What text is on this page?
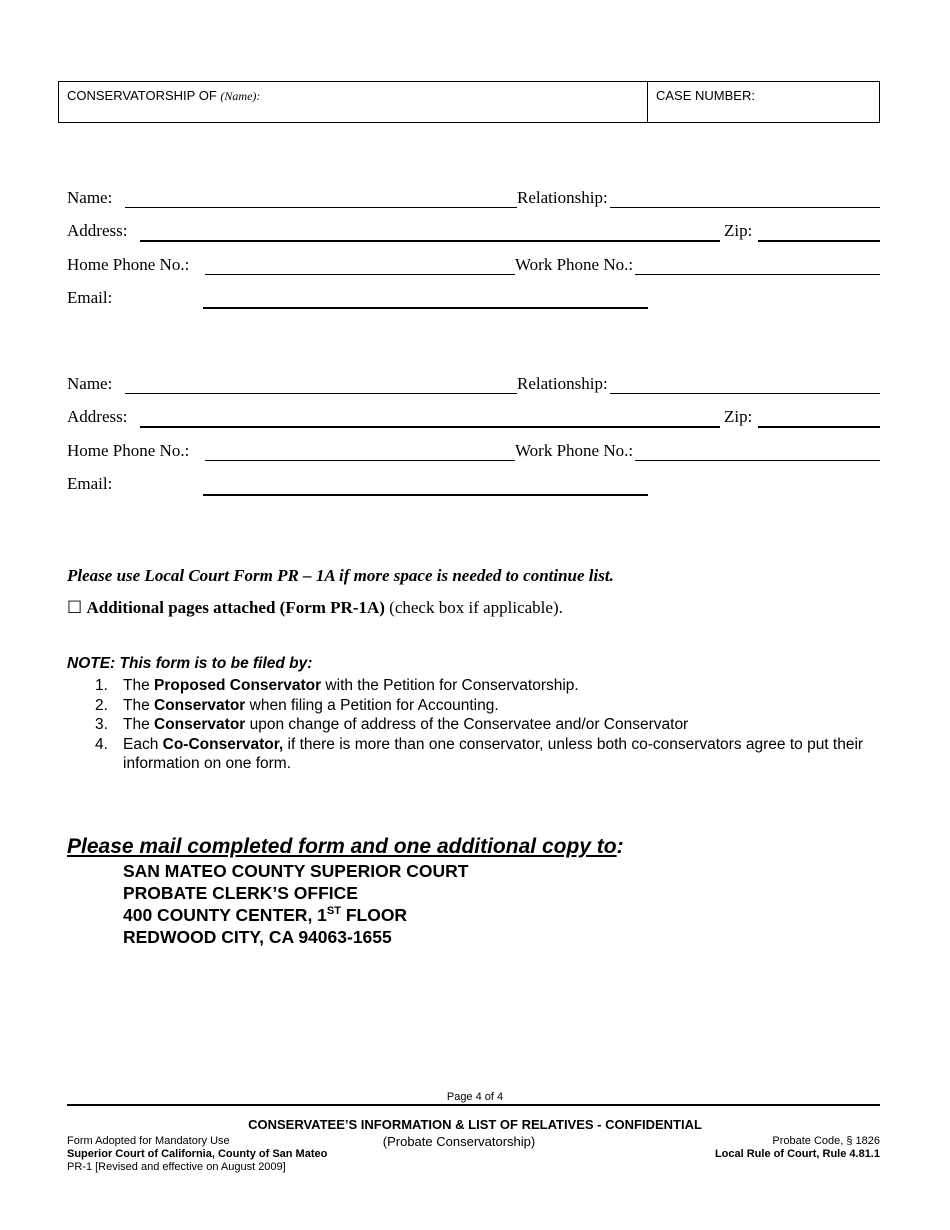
CONSERVATORSHIP OF (Name):	CASE NUMBER:
Name:	Relationship:
Address:	Zip:
Home Phone No.:	Work Phone No.:
Email:
Name:	Relationship:
Address:	Zip:
Home Phone No.:	Work Phone No.:
Email:
Please use Local Court Form PR – 1A if more space is needed to continue list.
☐ Additional pages attached (Form PR-1A) (check box if applicable).
NOTE: This form is to be filed by:
1. The Proposed Conservator with the Petition for Conservatorship.
2. The Conservator when filing a Petition for Accounting.
3. The Conservator upon change of address of the Conservatee and/or Conservator
4. Each Co-Conservator, if there is more than one conservator, unless both co-conservators agree to put their information on one form.
Please mail completed form and one additional copy to:
SAN MATEO COUNTY SUPERIOR COURT
PROBATE CLERK’S OFFICE
400 COUNTY CENTER, 1ST FLOOR
REDWOOD CITY, CA 94063-1655
Page 4 of 4
CONSERVATEE’S INFORMATION & LIST OF RELATIVES - CONFIDENTIAL
(Probate Conservatorship)
Form Adopted for Mandatory Use
Superior Court of California, County of San Mateo
PR-1 [Revised and effective on August 2009]
Probate Code, § 1826
Local Rule of Court, Rule 4.81.1
